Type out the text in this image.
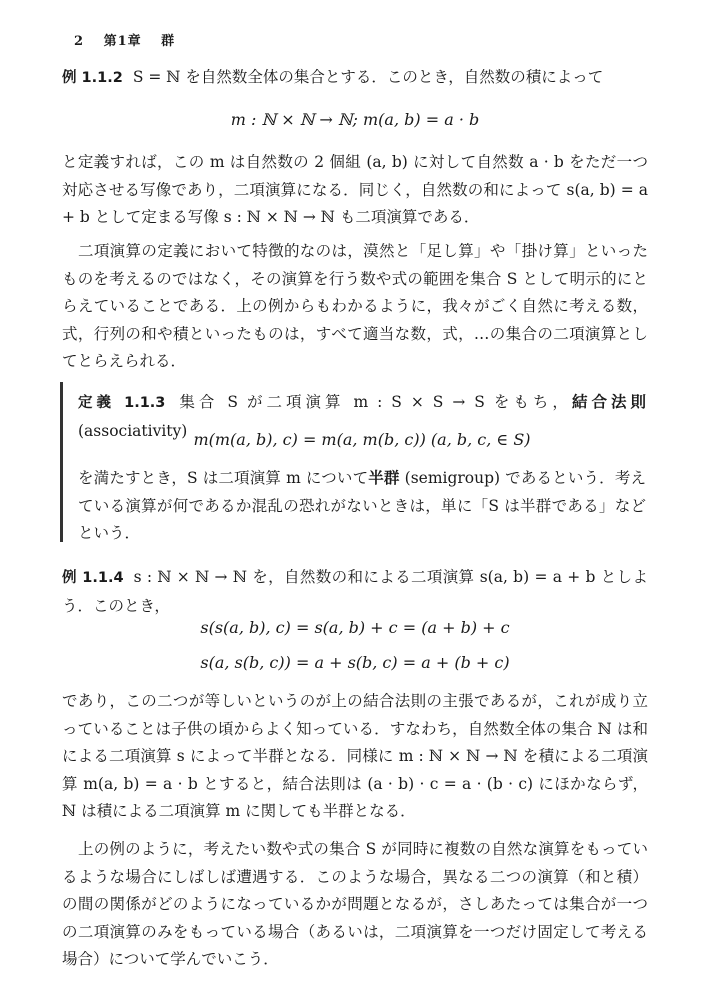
2 第1章 群
例 1.1.2 S = ℕ を自然数全体の集合とする．このとき，自然数の積によって
m : ℕ × ℕ → ℕ; m(a, b) = a · b
と定義すれば，この m は自然数の 2 個組 (a, b) に対して自然数 a · b をただ一つ対応させる写像であり，二項演算になる．同じく，自然数の和によって s(a, b) = a + b として定まる写像 s : ℕ × ℕ → ℕ も二項演算である．
二項演算の定義において特徴的なのは，漠然と「足し算」や「掛け算」といったものを考えるのではなく，その演算を行う数や式の範囲を集合 S として明示的にとらえていることである．上の例からもわかるように，我々がごく自然に考える数，式，行列の和や積といったものは，すべて適当な数，式，…の集合の二項演算としてとらえられる．
定義 1.1.3 集合 S が二項演算 m : S × S → S をもち，結合法則 (associativity) m(m(a, b), c) = m(a, m(b, c)) (a, b, c, ∈ S)
を満たすとき，S は二項演算 m について半群 (semigroup) であるという．考えている演算が何であるか混乱の恐れがないときは，単に「S は半群である」などという．
例 1.1.4 s : ℕ × ℕ → ℕ を，自然数の和による二項演算 s(a, b) = a + b としよう．このとき，
s(s(a, b), c) = s(a, b) + c = (a + b) + c
s(a, s(b, c)) = a + s(b, c) = a + (b + c)
であり，この二つが等しいというのが上の結合法則の主張であるが，これが成り立っていることは子供の頃からよく知っている．すなわち，自然数全体の集合 ℕ は和による二項演算 s によって半群となる．同様に m : ℕ × ℕ → ℕ を積による二項演算 m(a, b) = a · b とすると，結合法則は (a · b) · c = a · (b · c) にほかならず，ℕ は積による二項演算 m に関しても半群となる．
上の例のように，考えたい数や式の集合 S が同時に複数の自然な演算をもっているような場合にしばしば遭遇する．このような場合，異なる二つの演算（和と積）の間の関係がどのようになっているかが問題となるが，さしあたっては集合が一つの二項演算のみをもっている場合（あるいは，二項演算を一つだけ固定して考える場合）について学んでいこう．
